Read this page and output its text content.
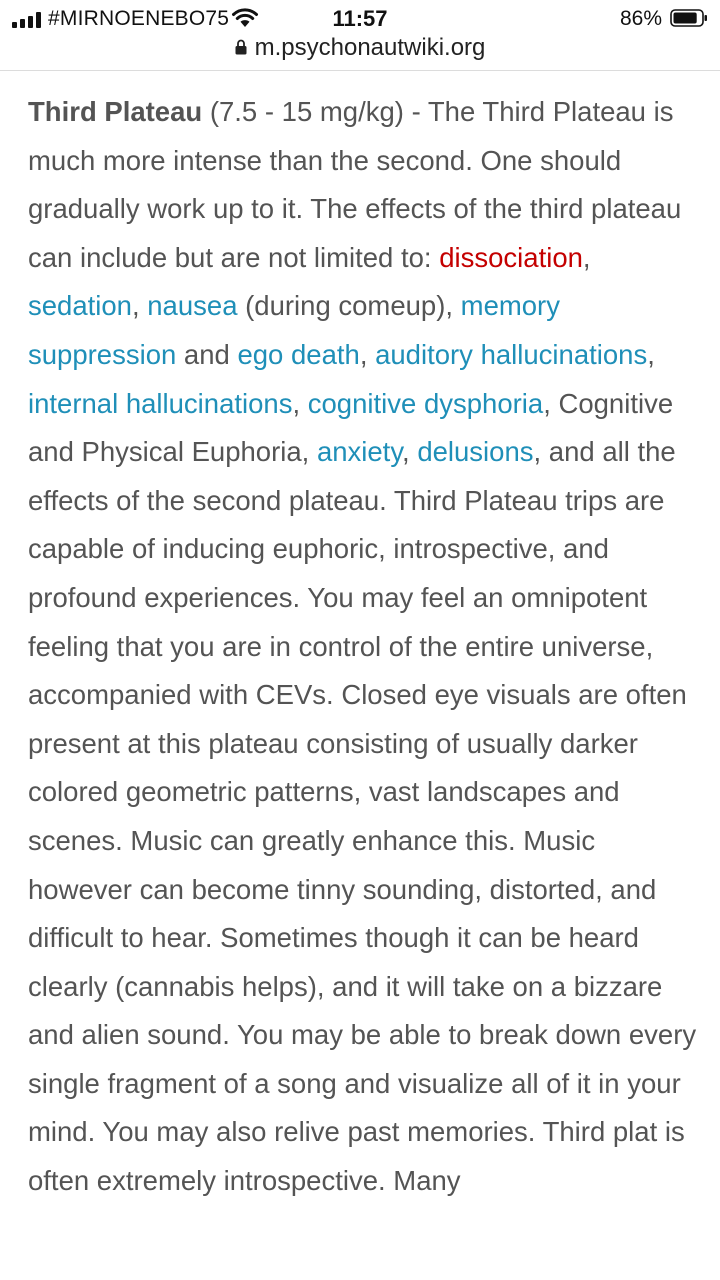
#MIRNOENEBO75	11:57	86%
m.psychonautwiki.org

Third Plateau (7.5 - 15 mg/kg) - The Third Plateau is much more intense than the second. One should gradually work up to it. The effects of the third plateau can include but are not limited to: dissociation, sedation, nausea (during comeup), memory suppression and ego death, auditory hallucinations, internal hallucinations, cognitive dysphoria, Cognitive and Physical Euphoria, anxiety, delusions, and all the effects of the second plateau. Third Plateau trips are capable of inducing euphoric, introspective, and profound experiences. You may feel an omnipotent feeling that you are in control of the entire universe, accompanied with CEVs. Closed eye visuals are often present at this plateau consisting of usually darker colored geometric patterns, vast landscapes and scenes. Music can greatly enhance this. Music however can become tinny sounding, distorted, and difficult to hear. Sometimes though it can be heard clearly (cannabis helps), and it will take on a bizzare and alien sound. You may be able to break down every single fragment of a song and visualize all of it in your mind. You may also relive past memories. Third plat is often extremely introspective. Many
